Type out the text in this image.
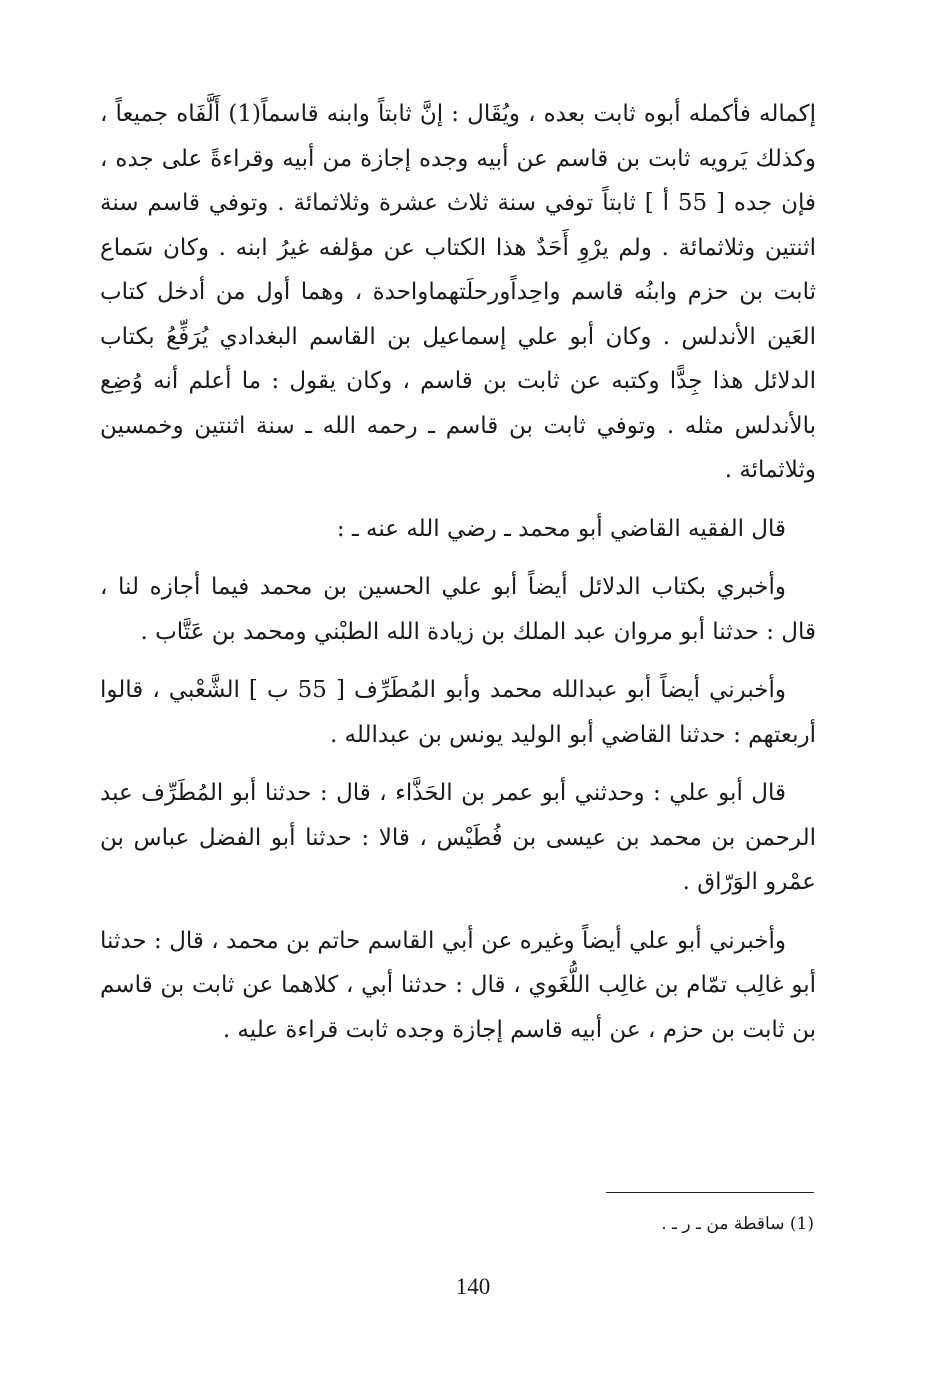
إكماله فأكمله أبوه ثابت بعده ، ويُقَال : إنَّ ثابتاً وابنه قاسماً(1) أَلَّفَاه جميعاً ، وكذلك يَرويه ثابت بن قاسم عن أبيه وجده إجازة من أبيه وقراءةً على جده ، فإن جده [ 55 أ ] ثابتاً توفي سنة ثلاث عشرة وثلاثمائة . وتوفي قاسم سنة اثنتين وثلاثمائة . ولم يرْوِ أَحَدٌ هذا الكتاب عن مؤلفه غيرُ ابنه . وكان سَماع ثابت بن حزم وابنُه قاسم واحِداًورحلَتهماواحدة ، وهما أول من أدخل كتاب العَين الأندلس . وكان أبو علي إسماعيل بن القاسم البغدادي يُرَفِّعُ بكتاب الدلائل هذا جِدًّا وكتبه عن ثابت بن قاسم ، وكان يقول : ما أعلم أنه وُضِع بالأندلس مثله . وتوفي ثابت بن قاسم ـ رحمه الله ـ سنة اثنتين وخمسين وثلاثمائة .

قال الفقيه القاضي أبو محمد ـ رضي الله عنه ـ :

وأخبري بكتاب الدلائل أيضاً أبو علي الحسين بن محمد فيما أجازه لنا ، قال : حدثنا أبو مروان عبد الملك بن زيادة الله الطبْني ومحمد بن عَتَّاب .

وأخبرني أيضاً أبو عبدالله محمد وأبو المُطَرِّف [ 55 ب ] الشَّعْبي ، قالوا أربعتهم : حدثنا القاضي أبو الوليد يونس بن عبدالله .

قال أبو علي : وحدثني أبو عمر بن الحَذَّاء ، قال : حدثنا أبو المُطَرِّف عبد الرحمن بن محمد بن عيسى بن فُطَيْس ، قالا : حدثنا أبو الفضل عباس بن عمْرو الوَرّاق .

وأخبرني أبو علي أيضاً وغيره عن أبي القاسم حاتم بن محمد ، قال : حدثنا أبو غالِب تمّام بن غالِب اللُّغَوي ، قال : حدثنا أبي ، كلاهما عن ثابت بن قاسم بن ثابت بن حزم ، عن أبيه قاسم إجازة وجده ثابت قراءة عليه .

(1) ساقطة من ـ ر ـ .
140
